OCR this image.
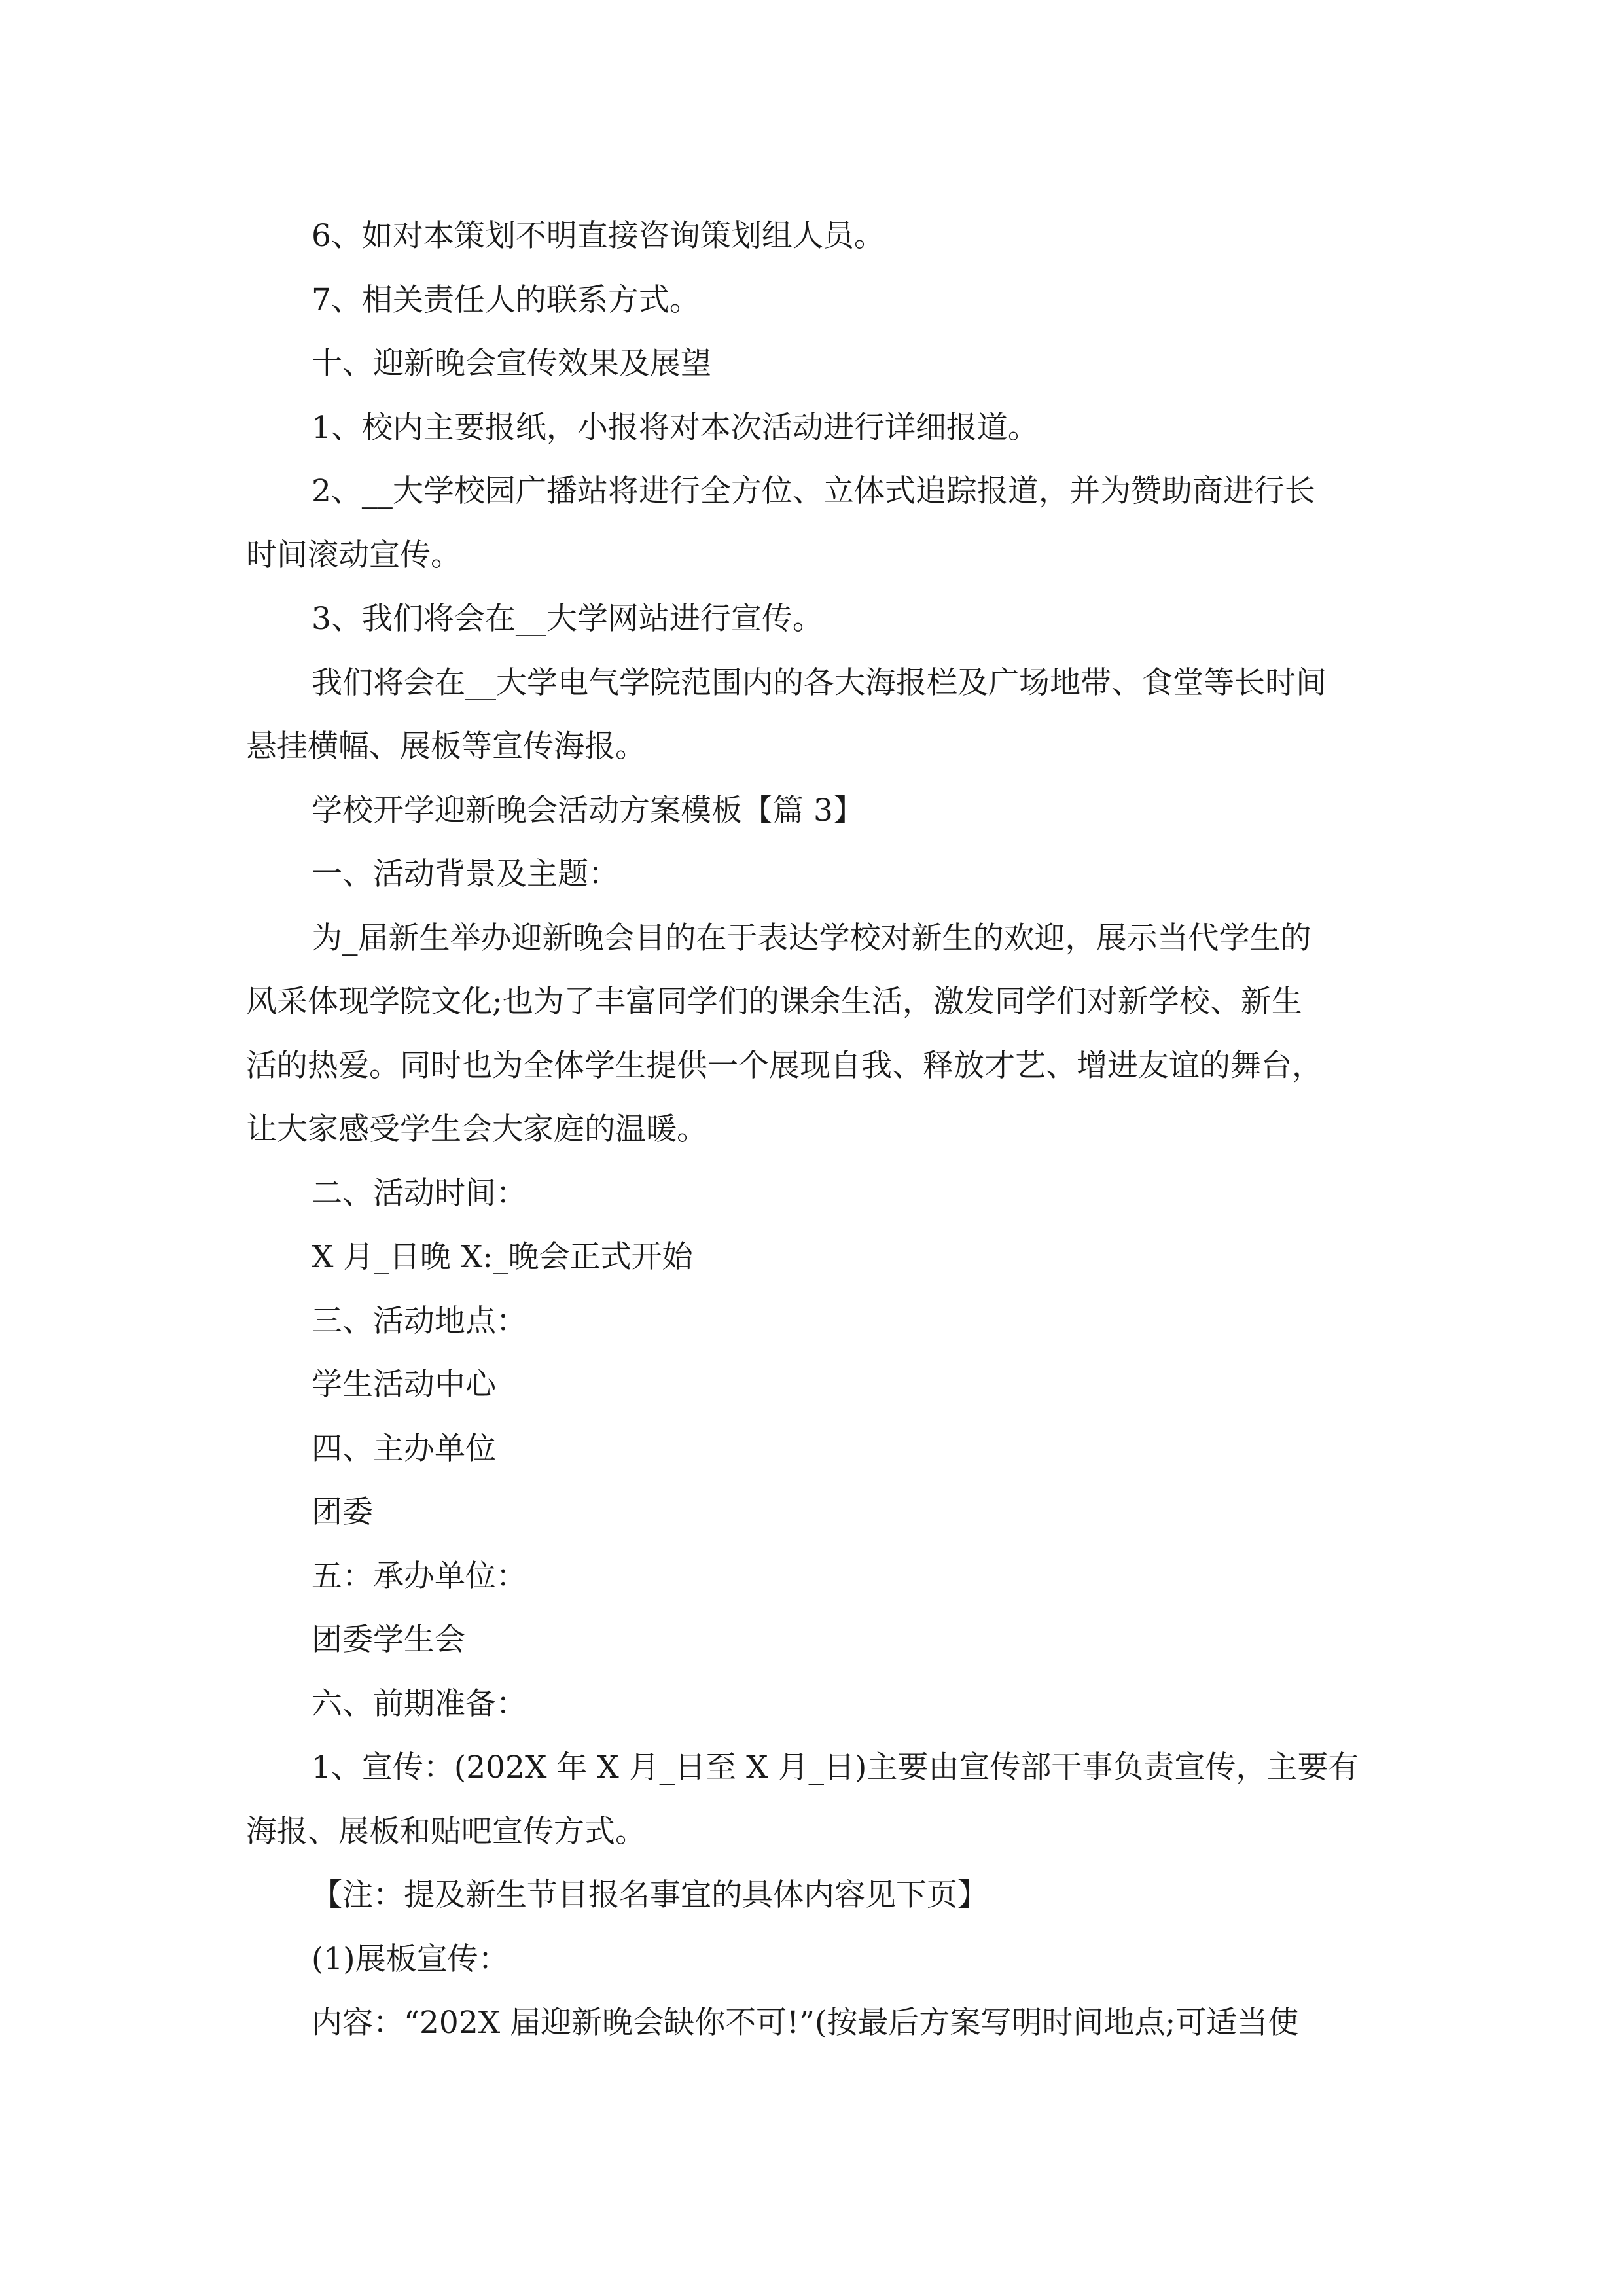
6、如对本策划不明直接咨询策划组人员。

7、相关责任人的联系方式。

十、迎新晚会宣传效果及展望

1、校内主要报纸，小报将对本次活动进行详细报道。

2、__大学校园广播站将进行全方位、立体式追踪报道，并为赞助商进行长

时间滚动宣传。

3、我们将会在__大学网站进行宣传。

我们将会在__大学电气学院范围内的各大海报栏及广场地带、食堂等长时间

悬挂横幅、展板等宣传海报。

学校开学迎新晚会活动方案模板【篇 3】

一、活动背景及主题：

为_届新生举办迎新晚会目的在于表达学校对新生的欢迎，展示当代学生的

风采体现学院文化;也为了丰富同学们的课余生活，激发同学们对新学校、新生

活的热爱。同时也为全体学生提供一个展现自我、释放才艺、增进友谊的舞台，

让大家感受学生会大家庭的温暖。

二、活动时间：

X 月_日晚 X:_晚会正式开始

三、活动地点：

学生活动中心

四、主办单位

团委

五：承办单位：

团委学生会

六、前期准备：

1、宣传：(202X 年 X 月_日至 X 月_日)主要由宣传部干事负责宣传，主要有

海报、展板和贴吧宣传方式。

【注：提及新生节目报名事宜的具体内容见下页】

(1)展板宣传：

内容：“202X 届迎新晚会缺你不可!”(按最后方案写明时间地点;可适当使
